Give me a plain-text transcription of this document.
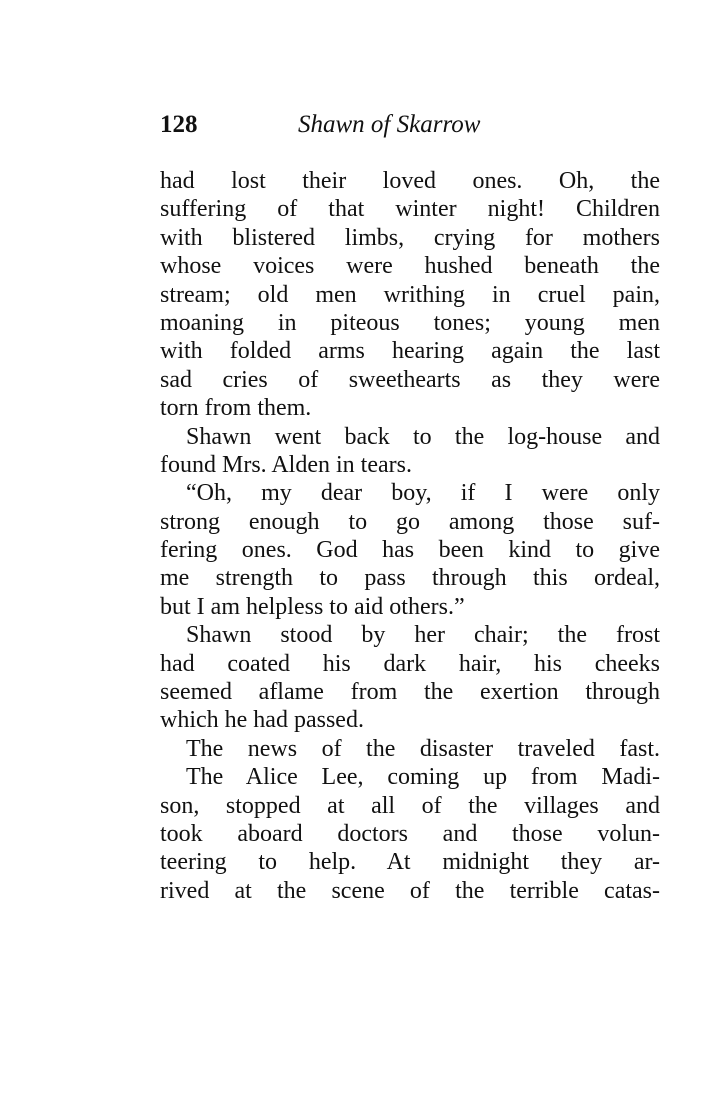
128	Shawn of Skarrow
had lost their loved ones. Oh, the
suffering of that winter night! Children
with blistered limbs, crying for mothers
whose voices were hushed beneath the
stream; old men writhing in cruel pain,
moaning in piteous tones; young men
with folded arms hearing again the last
sad cries of sweethearts as they were
torn from them.
Shawn went back to the log-house and
found Mrs. Alden in tears.
“Oh, my dear boy, if I were only
strong enough to go among those suf-
fering ones. God has been kind to give
me strength to pass through this ordeal,
but I am helpless to aid others.”
Shawn stood by her chair; the frost
had coated his dark hair, his cheeks
seemed aflame from the exertion through
which he had passed.
The news of the disaster traveled fast.
The Alice Lee, coming up from Madi-
son, stopped at all of the villages and
took aboard doctors and those volun-
teering to help. At midnight they ar-
rived at the scene of the terrible catas-
